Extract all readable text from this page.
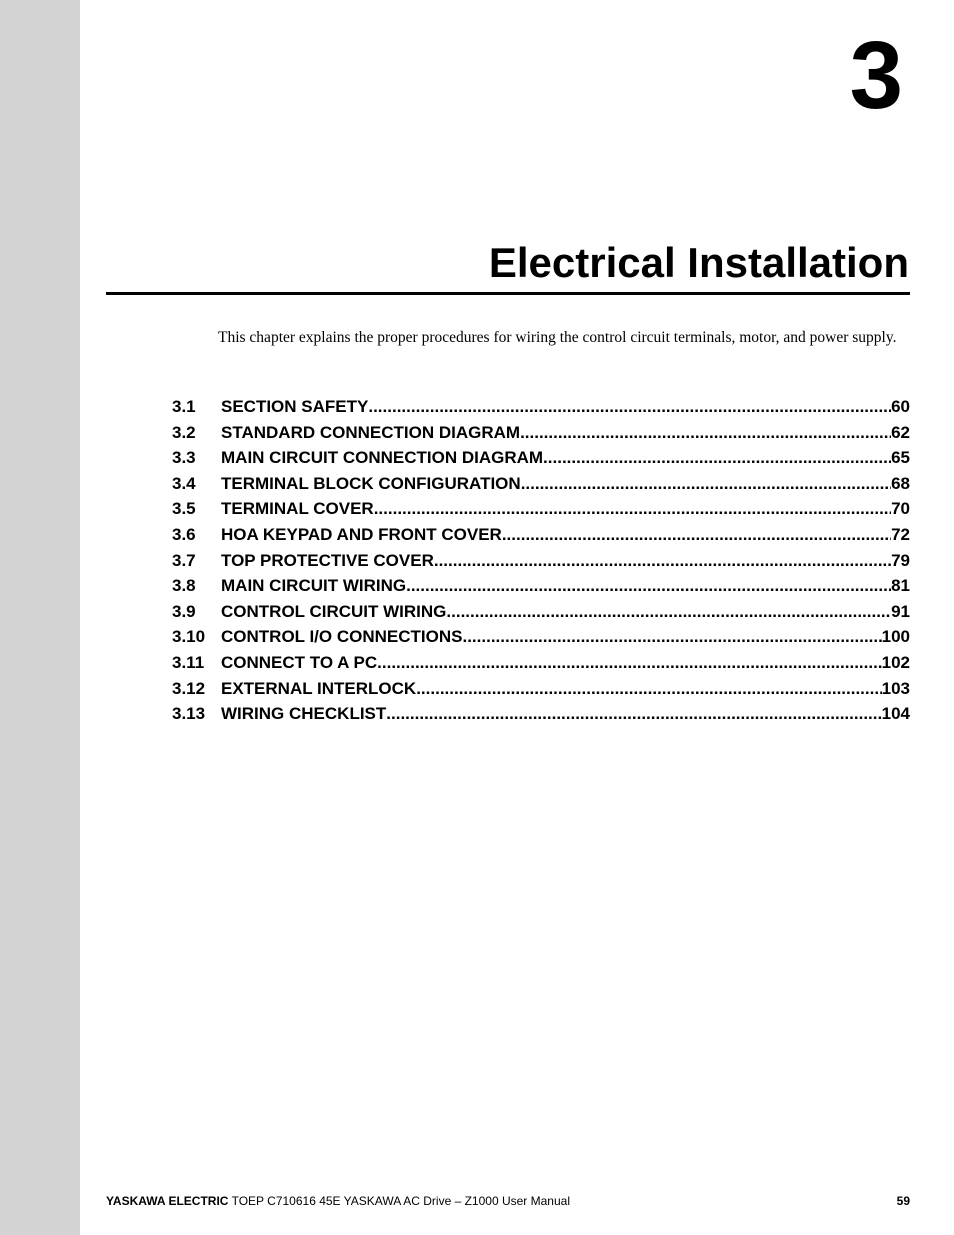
3
Electrical Installation

This chapter explains the proper procedures for wiring the control circuit terminals, motor, and power supply.

3.1	SECTION SAFETY .....	60
3.2	STANDARD CONNECTION DIAGRAM .....	62
3.3	MAIN CIRCUIT CONNECTION DIAGRAM .....	65
3.4	TERMINAL BLOCK CONFIGURATION .....	68
3.5	TERMINAL COVER .....	70
3.6	HOA KEYPAD AND FRONT COVER .....	72
3.7	TOP PROTECTIVE COVER .....	79
3.8	MAIN CIRCUIT WIRING .....	81
3.9	CONTROL CIRCUIT WIRING .....	91
3.10 CONTROL I/O CONNECTIONS .....	100
3.11 CONNECT TO A PC .....	102
3.12 EXTERNAL INTERLOCK .....	103
3.13 WIRING CHECKLIST .....	104
YASKAWA ELECTRIC TOEP C710616 45E YASKAWA AC Drive – Z1000 User Manual	59
